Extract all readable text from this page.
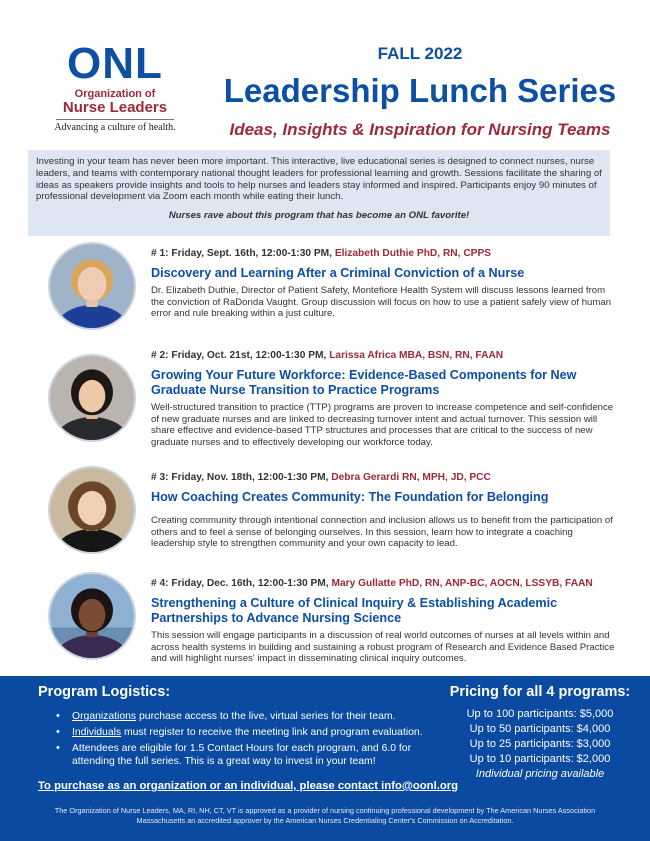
ONL
Organization of
Nurse Leaders
Advancing a culture of health.
FALL 2022
Leadership Lunch Series
Ideas, Insights & Inspiration for Nursing Teams

Investing in your team has never been more important. This interactive, live educational series is designed to connect nurses, nurse leaders, and teams with contemporary national thought leaders for professional learning and growth. Sessions facilitate the sharing of ideas as speakers provide insights and tools to help nurses and leaders stay informed and inspired. Participants enjoy 90 minutes of professional development via Zoom each month while eating their lunch.

Nurses rave about this program that has become an ONL favorite!

# 1: Friday, Sept. 16th, 12:00-1:30 PM, Elizabeth Duthie PhD, RN, CPPS
Discovery and Learning After a Criminal Conviction of a Nurse
Dr. Elizabeth Duthie, Director of Patient Safety, Montefiore Health System will discuss lessons learned from the conviction of RaDonda Vaught. Group discussion will focus on how to use a patient safely view of human error and rule breaking within a just culture.
# 2: Friday, Oct. 21st, 12:00-1:30 PM, Larissa Africa MBA, BSN, RN, FAAN
Growing Your Future Workforce: Evidence-Based Components for New Graduate Nurse Transition to Practice Programs
Well-structured transition to practice (TTP) programs are proven to increase competence and self-confidence of new graduate nurses and are linked to decreasing turnover intent and actual turnover. This session will share effective and evidence-based TTP structures and processes that are critical to the success of new graduate nurses and to effectively developing our workforce today.
# 3: Friday, Nov. 18th, 12:00-1:30 PM, Debra Gerardi RN, MPH, JD, PCC
How Coaching Creates Community: The Foundation for Belonging
Creating community through intentional connection and inclusion allows us to benefit from the participation of others and to feel a sense of belonging ourselves. In this session, learn how to integrate a coaching leadership style to strengthen community and your own capacity to lead.
# 4: Friday, Dec. 16th, 12:00-1:30 PM, Mary Gullatte PhD, RN, ANP-BC, AOCN, LSSYB, FAAN
Strengthening a Culture of Clinical Inquiry & Establishing Academic Partnerships to Advance Nursing Science
This session will engage participants in a discussion of real world outcomes of nurses at all levels within and across health systems in building and sustaining a robust program of Research and Evidence Based Practice and will highlight nurses' impact in disseminating clinical inquiry outcomes.
Program Logistics:
• Organizations purchase access to the live, virtual series for their team.
• Individuals must register to receive the meeting link and program evaluation.
• Attendees are eligible for 1.5 Contact Hours for each program, and 6.0 for attending the full series. This is a great way to invest in your team!
To purchase as an organization or an individual, please contact info@oonl.org
Pricing for all 4 programs:
Up to 100 participants: $5,000
Up to 50 participants: $4,000
Up to 25 participants: $3,000
Up to 10 participants: $2,000
Individual pricing available
The Organization of Nurse Leaders, MA, RI, NH, CT, VT is approved as a provider of nursing continuing professional development by The American Nurses Association Massachusetts an accredited approver by the American Nurses Credentialing Center's Commission on Accreditation.
